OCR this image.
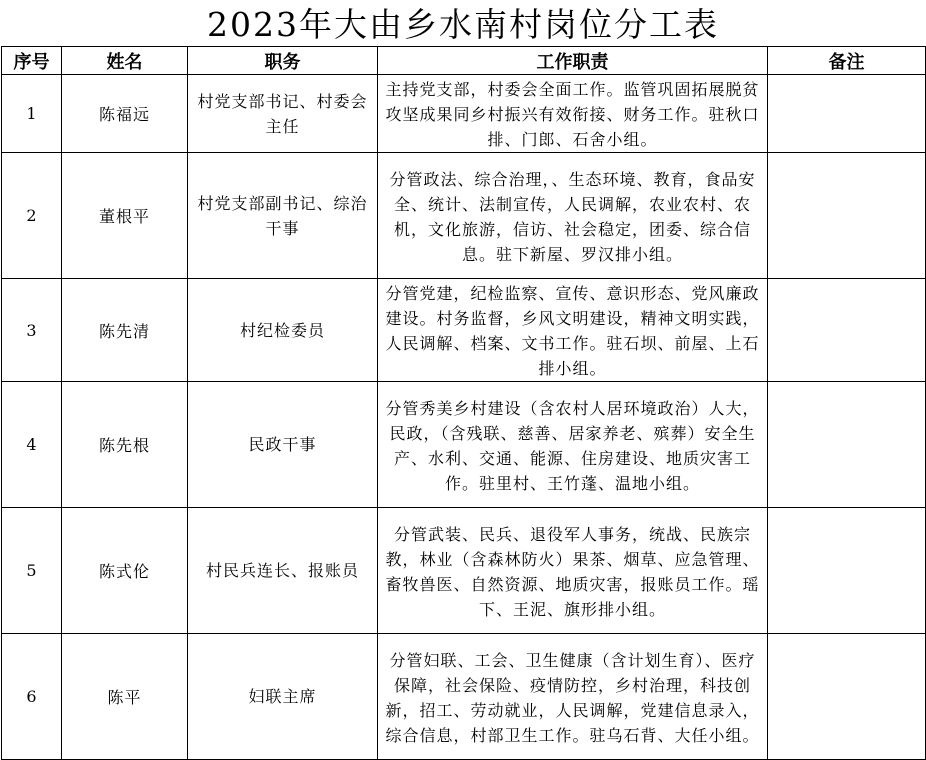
2023年大由乡水南村岗位分工表
序号	姓名	职务	工作职责	备注
1	陈福远	村党支部书记、村委会主任	主持党支部，村委会全面工作。监管巩固拓展脱贫攻坚成果同乡村振兴有效衔接、财务工作。驻秋口排、门郎、石舍小组。	
2	董根平	村党支部副书记、综治干事	分管政法、综合治理，、生态环境、教育，食品安全、统计、法制宣传，人民调解，农业农村、农机，文化旅游，信访、社会稳定，团委、综合信息。驻下新屋、罗汉排小组。	
3	陈先清	村纪检委员	分管党建，纪检监察、宣传、意识形态、党风廉政建设。村务监督，乡风文明建设，精神文明实践，人民调解、档案、文书工作。驻石坝、前屋、上石排小组。	
4	陈先根	民政干事	分管秀美乡村建设（含农村人居环境政治）人大，民政，（含残联、慈善、居家养老、殡葬）安全生产、水利、交通、能源、住房建设、地质灾害工作。驻里村、王竹蓬、温地小组。	
5	陈式伦	村民兵连长、报账员	分管武装、民兵、退役军人事务，统战、民族宗教，林业（含森林防火）果茶、烟草、应急管理、畜牧兽医、自然资源、地质灾害，报账员工作。瑶下、王泥、旗形排小组。	
6	陈平	妇联主席	分管妇联、工会、卫生健康（含计划生育）、医疗保障，社会保险、疫情防控，乡村治理，科技创新，招工、劳动就业，人民调解，党建信息录入，综合信息，村部卫生工作。驻乌石背、大任小组。	
